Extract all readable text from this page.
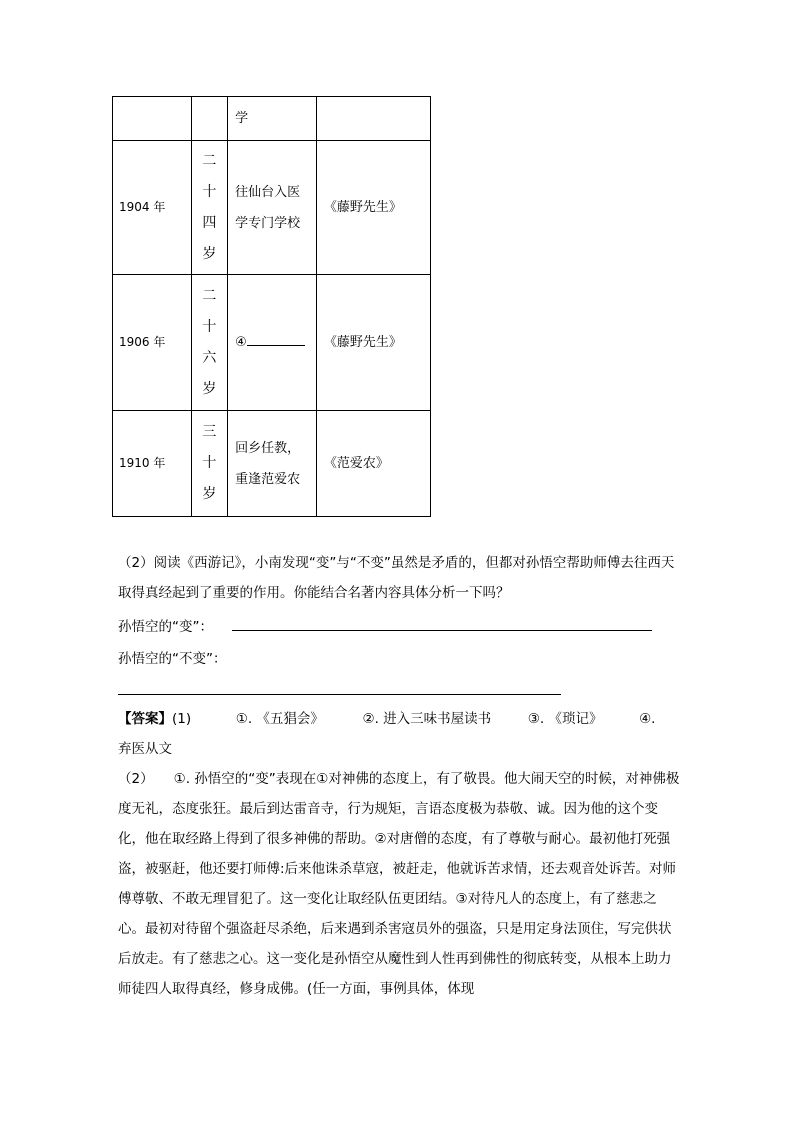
		学	
1904 年	二
十
四
岁	往仙台入医学专门学校	《藤野先生》
1906 年	二
十
六
岁	④	《藤野先生》
1910 年	三
十
岁	回乡任教，重逢范爱农	《范爱农》

（2）阅读《西游记》，小南发现“变”与“不变”虽然是矛盾的，但都对孙悟空帮助师傅去往西天取得真经起到了重要的作用。你能结合名著内容具体分析一下吗？

孙悟空的“变”：

孙悟空的“不变”：

【答案】(1)	①. 《五猖会》	②. 进入三味书屋读书	③. 《琐记》	④.
弃医从文

（2） ①. 孙悟空的“变”表现在①对神佛的态度上，有了敬畏。他大闹天空的时候，对神佛极度无礼，态度张狂。最后到达雷音寺，行为规矩，言语态度极为恭敬、诚。因为他的这个变化，他在取经路上得到了很多神佛的帮助。②对唐僧的态度，有了尊敬与耐心。最初他打死强盗，被驱赶，他还要打师傅:后来他诛杀草寇，被赶走，他就诉苦求情，还去观音处诉苦。对师傅尊敬、不敢无理冒犯了。这一变化让取经队伍更团结。③对待凡人的态度上，有了慈悲之心。最初对待留个强盗赶尽杀绝，后来遇到杀害寇员外的强盗，只是用定身法顶住，写完供状后放走。有了慈悲之心。这一变化是孙悟空从魔性到人性再到佛性的彻底转变，从根本上助力师徒四人取得真经，修身成佛。(任一方面，事例具体，体现
